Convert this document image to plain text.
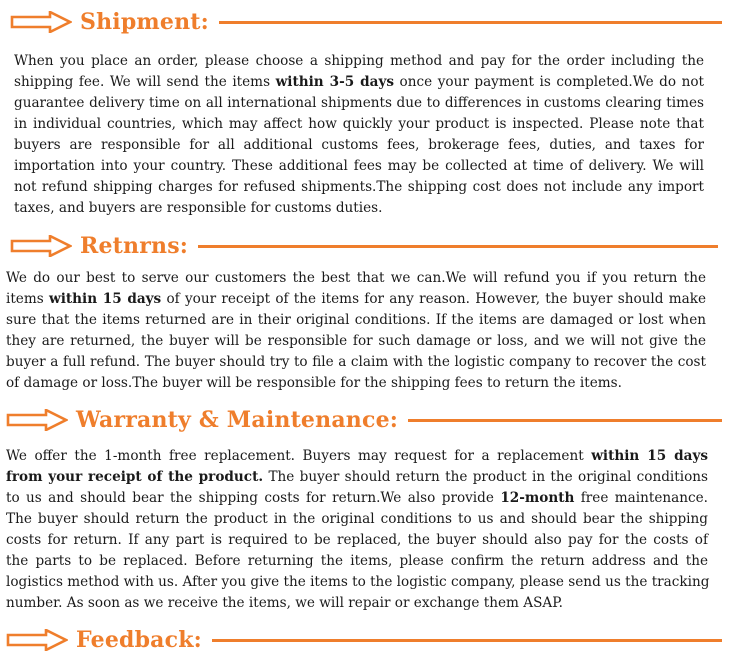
Shipment:
When you place an order, please choose a shipping method and pay for the order including the
shipping fee. We will send the items within 3-5 days once your payment is completed.We do not
guarantee delivery time on all international shipments due to differences in customs clearing times
in individual countries, which may affect how quickly your product is inspected. Please note that
buyers are responsible for all additional customs fees, brokerage fees, duties, and taxes for
importation into your country. These additional fees may be collected at time of delivery. We will
not refund shipping charges for refused shipments.The shipping cost does not include any import
taxes, and buyers are responsible for customs duties.
Retnrns:
We do our best to serve our customers the best that we can.We will refund you if you return the
items within 15 days of your receipt of the items for any reason. However, the buyer should make
sure that the items returned are in their original conditions. If the items are damaged or lost when
they are returned, the buyer will be responsible for such damage or loss, and we will not give the
buyer a full refund. The buyer should try to file a claim with the logistic company to recover the cost
of damage or loss.The buyer will be responsible for the shipping fees to return the items.
Warranty & Maintenance:
We offer the 1-month free replacement. Buyers may request for a replacement within 15 days
from your receipt of the product. The buyer should return the product in the original conditions
to us and should bear the shipping costs for return.We also provide 12-month free maintenance.
The buyer should return the product in the original conditions to us and should bear the shipping
costs for return. If any part is required to be replaced, the buyer should also pay for the costs of
the parts to be replaced. Before returning the items, please confirm the return address and the
logistics method with us. After you give the items to the logistic company, please send us the tracking
number. As soon as we receive the items, we will repair or exchange them ASAP.
Feedback:
